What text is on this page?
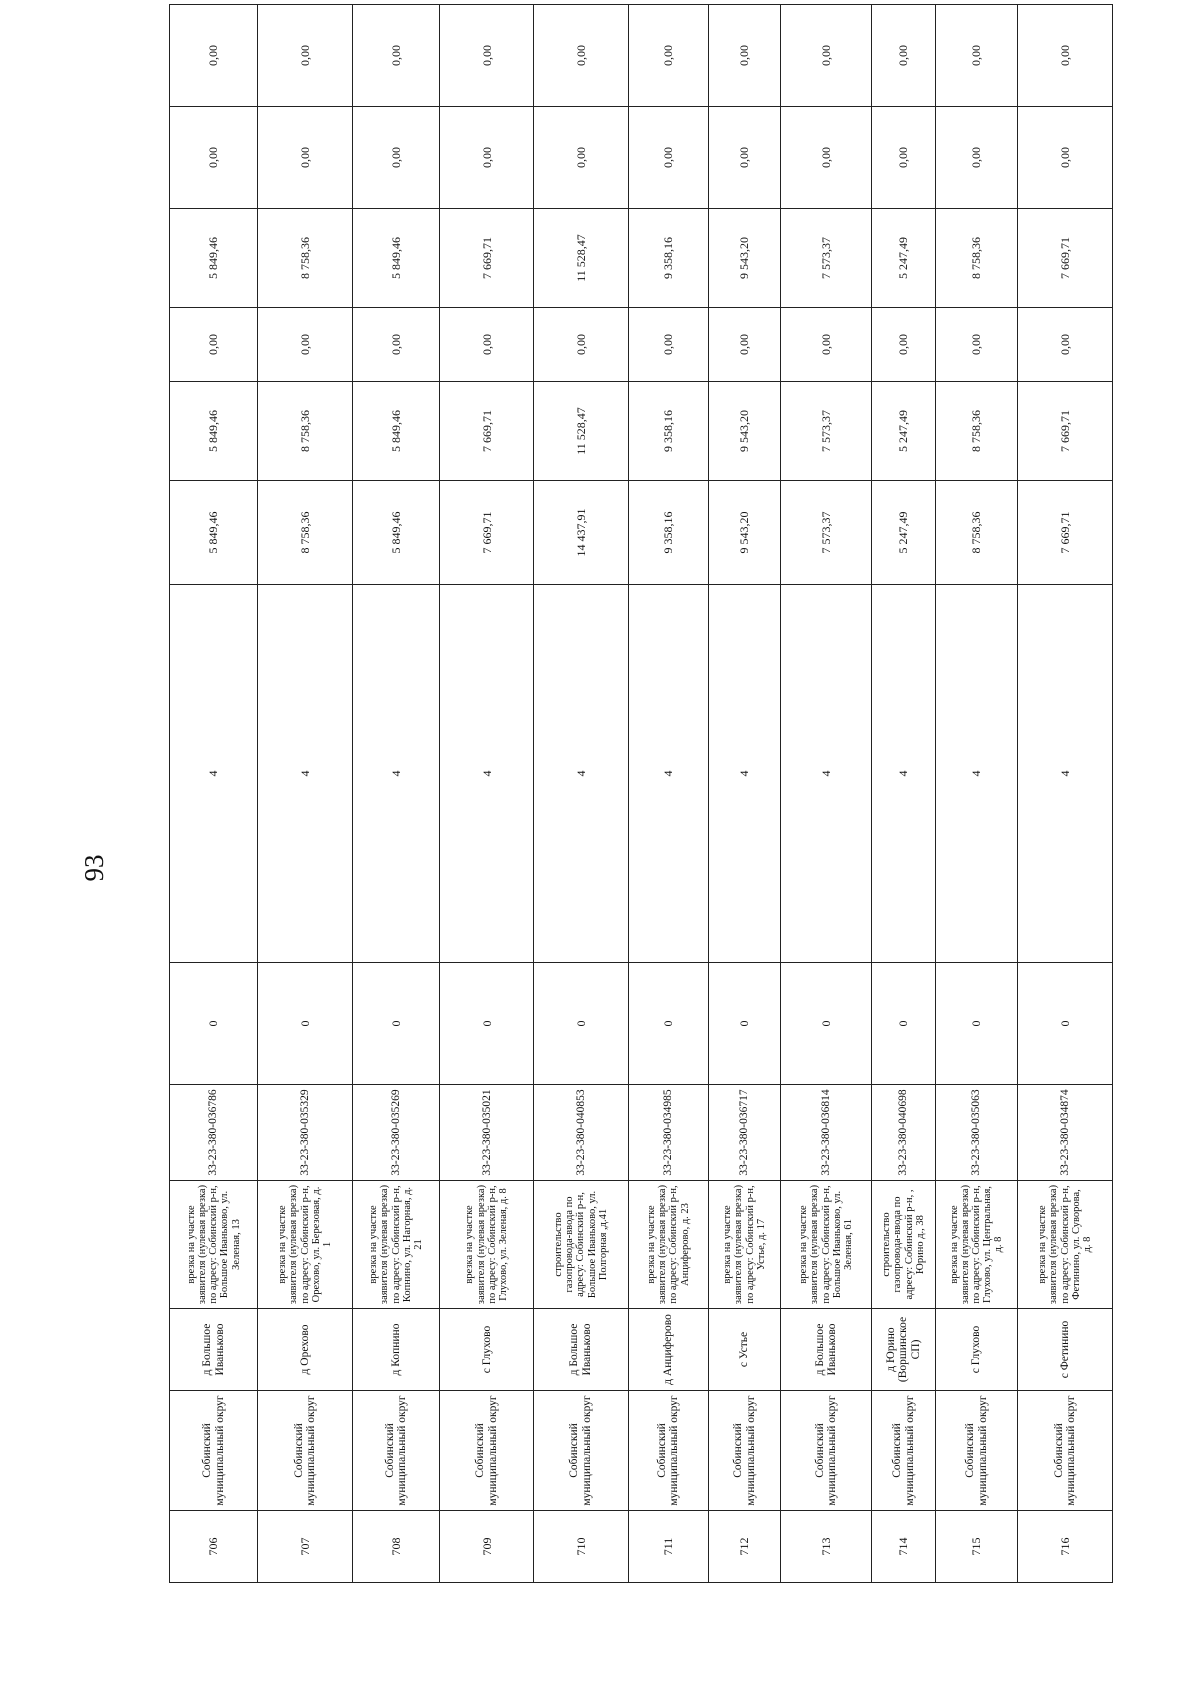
93
706	Собинский муниципальный округ	д Большое Иваньково	врезка на участке заявителя (нулевая врезка) по адресу: Собинский р-н, Большое Иваньково, ул. Зеленая, 13	33-23-380-036786	0	4	5 849,46	5 849,46	0,00	5 849,46	0,00	0,00
707	Собинский муниципальный округ	д Орехово	врезка на участке заявителя (нулевая врезка) по адресу: Собинский р-н, Орехово, ул. Березовая, д. 1	33-23-380-035329	0	4	8 758,36	8 758,36	0,00	8 758,36	0,00	0,00
708	Собинский муниципальный округ	д Копнино	врезка на участке заявителя (нулевая врезка) по адресу: Собинский р-н, Копнино, ул. Нагорная, д. 21	33-23-380-035269	0	4	5 849,46	5 849,46	0,00	5 849,46	0,00	0,00
709	Собинский муниципальный округ	с Глухово	врезка на участке заявителя (нулевая врезка) по адресу: Собинский р-н, Глухово, ул. Зеленая, д. 8	33-23-380-035021	0	4	7 669,71	7 669,71	0,00	7 669,71	0,00	0,00
710	Собинский муниципальный округ	д Большое Иваньково	строительство газопровода-ввода по адресу: Собинский р-н, Большое Иваньково, ул. Полгорная ,д.41	33-23-380-040853	0	4	14 437,91	11 528,47	0,00	11 528,47	0,00	0,00
711	Собинский муниципальный округ	д Анциферово	врезка на участке заявителя (нулевая врезка) по адресу: Собинский р-н, Анциферово, д. 23	33-23-380-034985	0	4	9 358,16	9 358,16	0,00	9 358,16	0,00	0,00
712	Собинский муниципальный округ	с Устье	врезка на участке заявителя (нулевая врезка) по адресу: Собинский р-н, Устье, д. 17	33-23-380-036717	0	4	9 543,20	9 543,20	0,00	9 543,20	0,00	0,00
713	Собинский муниципальный округ	д Большое Иваньково	врезка на участке заявителя (нулевая врезка) по адресу: Собинский р-н, Большое Иваньково, ул. Зеленая, 61	33-23-380-036814	0	4	7 573,37	7 573,37	0,00	7 573,37	0,00	0,00
714	Собинский муниципальный округ	д Юрино (Воршинское СП)	строительство газопровода-ввода по адресу: Собинский р-н, , Юрино д., 38	33-23-380-040698	0	4	5 247,49	5 247,49	0,00	5 247,49	0,00	0,00
715	Собинский муниципальный округ	с Глухово	врезка на участке заявителя (нулевая врезка) по адресу: Собинский р-н, Глухово, ул. Центральная, д. 8	33-23-380-035063	0	4	8 758,36	8 758,36	0,00	8 758,36	0,00	0,00
716	Собинский муниципальный округ	с Фетинино	врезка на участке заявителя (нулевая врезка) по адресу: Собинский р-н, Фетинино, ул. Суворова, д. 8	33-23-380-034874	0	4	7 669,71	7 669,71	0,00	7 669,71	0,00	0,00
